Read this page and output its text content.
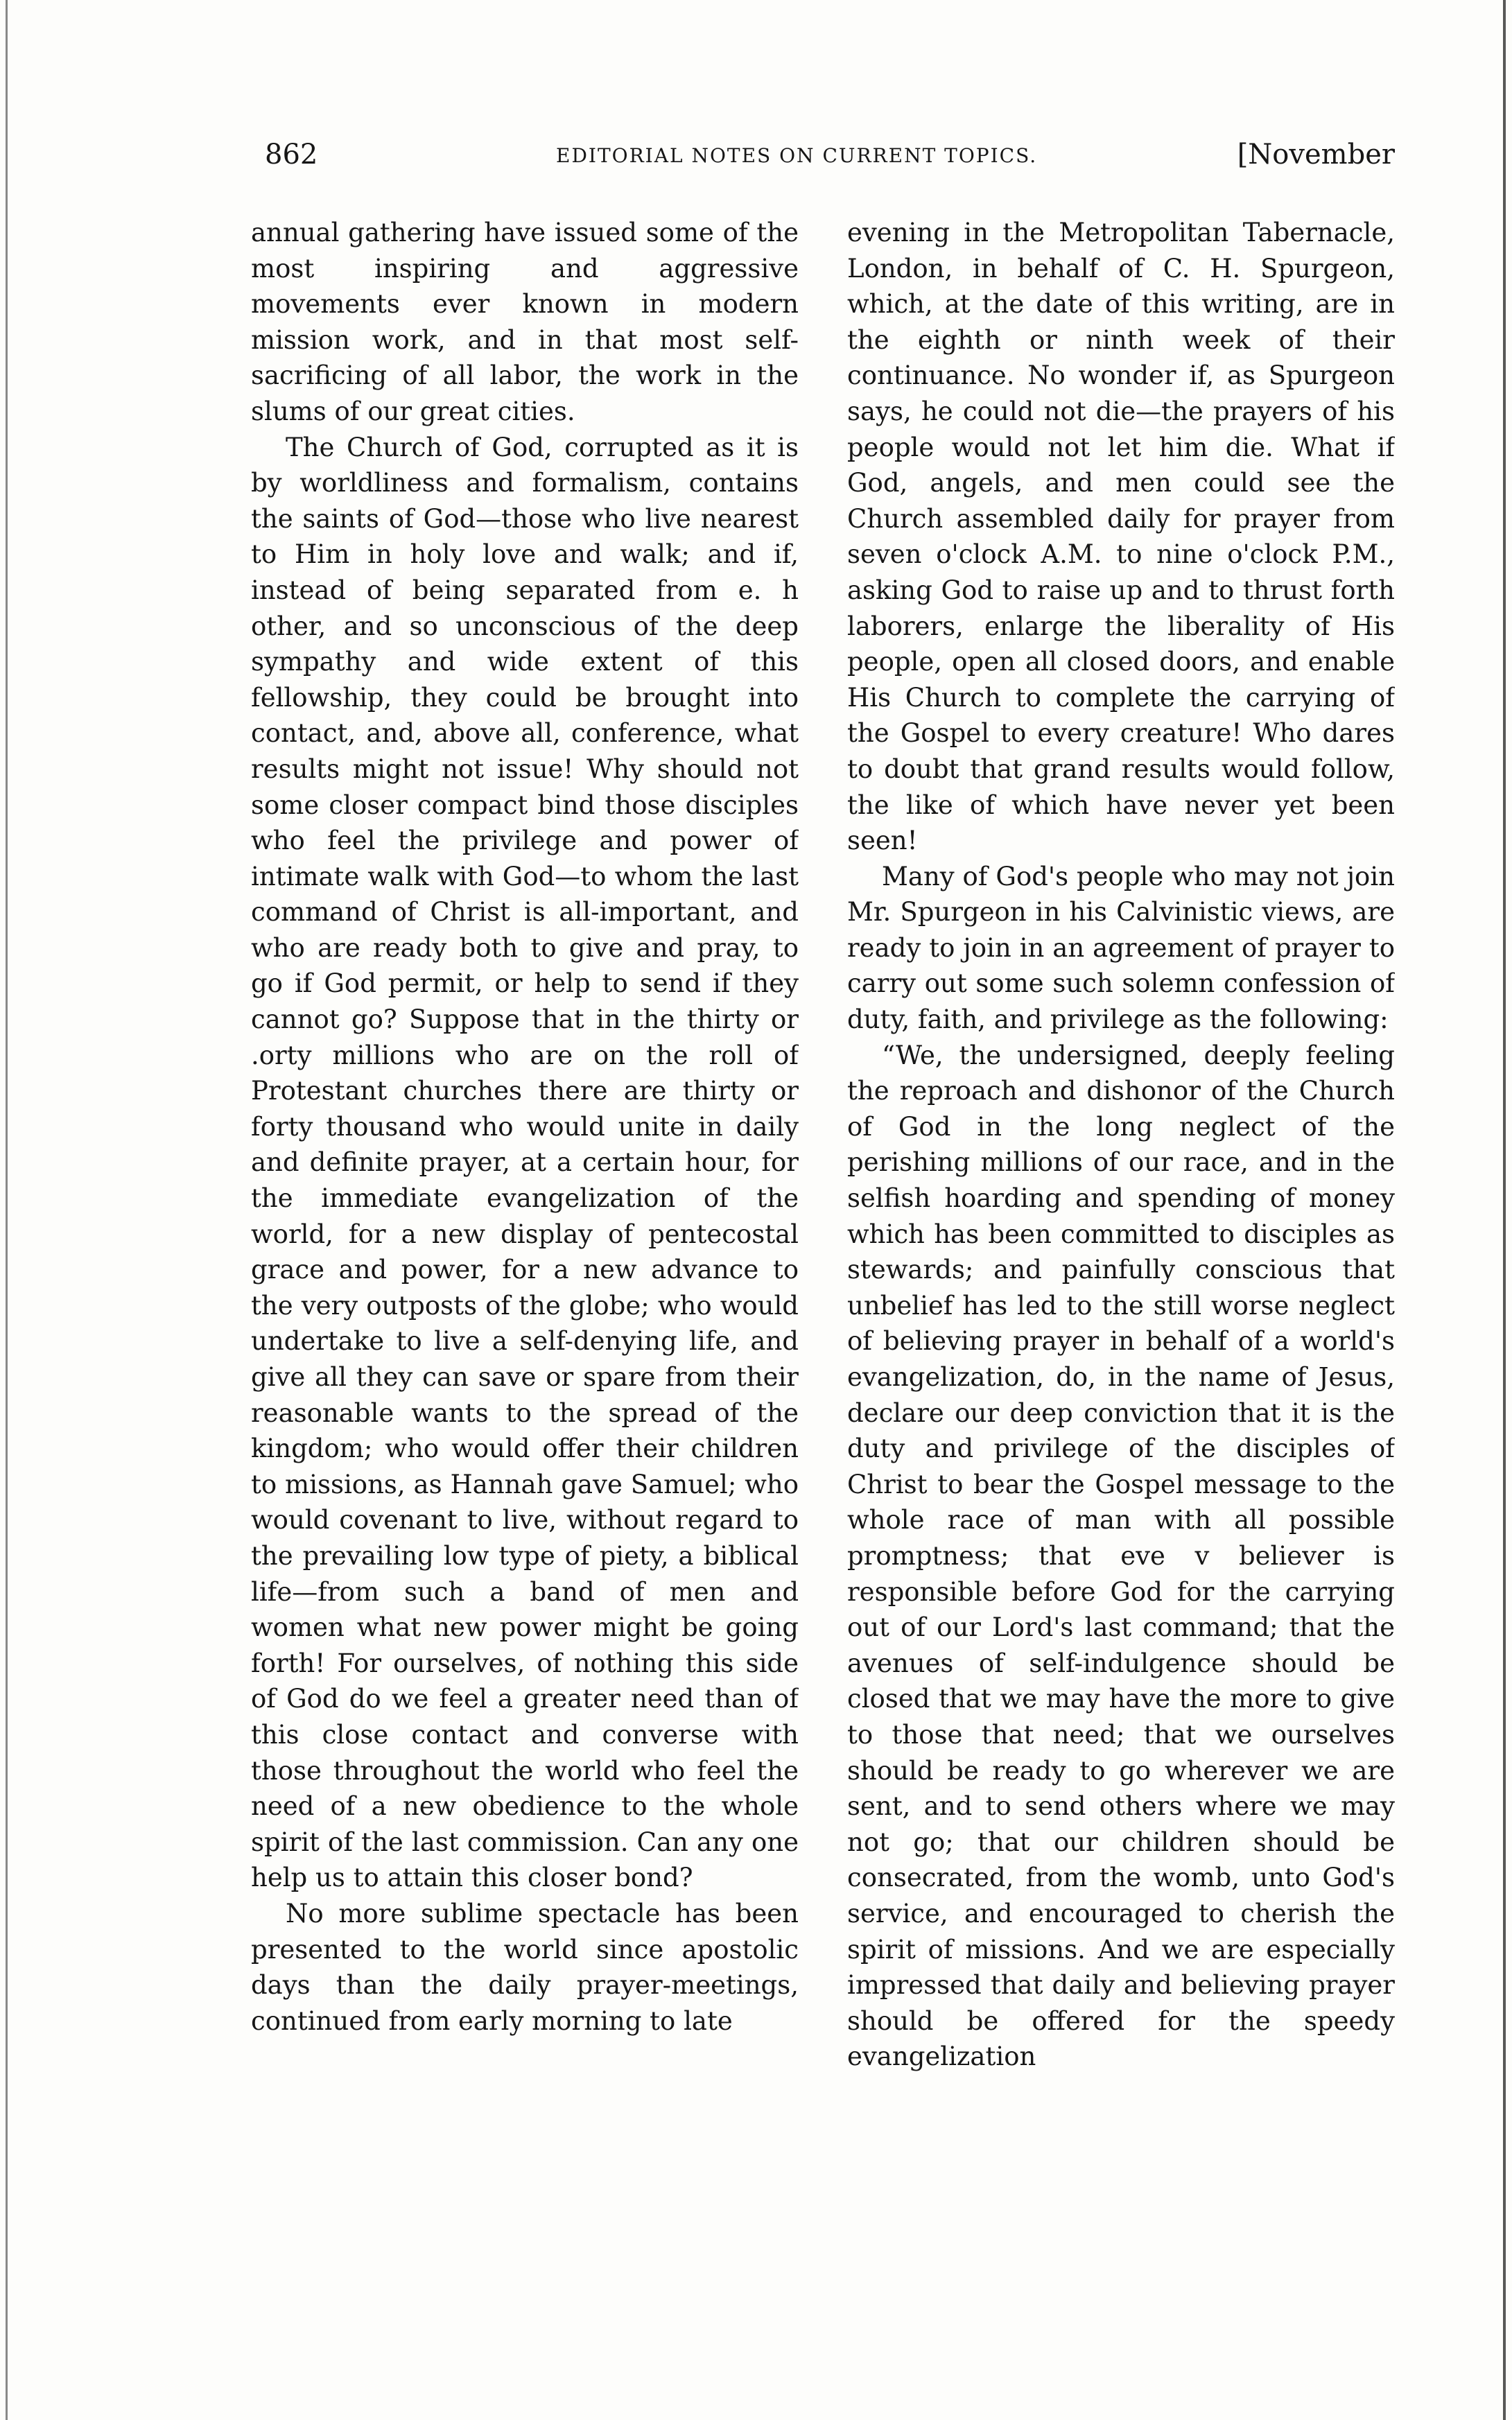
862	EDITORIAL NOTES ON CURRENT TOPICS.	[November

annual gathering have issued some of the most inspiring and aggressive movements ever known in modern mission work, and in that most self-sacrificing of all labor, the work in the slums of our great cities.

The Church of God, corrupted as it is by worldliness and formalism, contains the saints of God—those who live nearest to Him in holy love and walk; and if, instead of being separated from e. h other, and so unconscious of the deep sympathy and wide extent of this fellowship, they could be brought into contact, and, above all, conference, what results might not issue! Why should not some closer compact bind those disciples who feel the privilege and power of intimate walk with God—to whom the last command of Christ is all-important, and who are ready both to give and pray, to go if God permit, or help to send if they cannot go? Suppose that in the thirty or .orty millions who are on the roll of Protestant churches there are thirty or forty thousand who would unite in daily and definite prayer, at a certain hour, for the immediate evangelization of the world, for a new display of pentecostal grace and power, for a new advance to the very outposts of the globe; who would undertake to live a self-denying life, and give all they can save or spare from their reasonable wants to the spread of the kingdom; who would offer their children to missions, as Hannah gave Samuel; who would covenant to live, without regard to the prevailing low type of piety, a biblical life—from such a band of men and women what new power might be going forth! For ourselves, of nothing this side of God do we feel a greater need than of this close contact and converse with those throughout the world who feel the need of a new obedience to the whole spirit of the last commission. Can any one help us to attain this closer bond?

No more sublime spectacle has been presented to the world since apostolic days than the daily prayer-meetings, continued from early morning to late

evening in the Metropolitan Tabernacle, London, in behalf of C. H. Spurgeon, which, at the date of this writing, are in the eighth or ninth week of their continuance. No wonder if, as Spurgeon says, he could not die—the prayers of his people would not let him die. What if God, angels, and men could see the Church assembled daily for prayer from seven o'clock A.M. to nine o'clock P.M., asking God to raise up and to thrust forth laborers, enlarge the liberality of His people, open all closed doors, and enable His Church to complete the carrying of the Gospel to every creature! Who dares to doubt that grand results would follow, the like of which have never yet been seen!

Many of God's people who may not join Mr. Spurgeon in his Calvinistic views, are ready to join in an agreement of prayer to carry out some such solemn confession of duty, faith, and privilege as the following:

“We, the undersigned, deeply feeling the reproach and dishonor of the Church of God in the long neglect of the perishing millions of our race, and in the selfish hoarding and spending of money which has been committed to disciples as stewards; and painfully conscious that unbelief has led to the still worse neglect of believing prayer in behalf of a world's evangelization, do, in the name of Jesus, declare our deep conviction that it is the duty and privilege of the disciples of Christ to bear the Gospel message to the whole race of man with all possible promptness; that eve v believer is responsible before God for the carrying out of our Lord's last command; that the avenues of self-indulgence should be closed that we may have the more to give to those that need; that we ourselves should be ready to go wherever we are sent, and to send others where we may not go; that our children should be consecrated, from the womb, unto God's service, and encouraged to cherish the spirit of missions. And we are especially impressed that daily and believing prayer should be offered for the speedy evangelization
